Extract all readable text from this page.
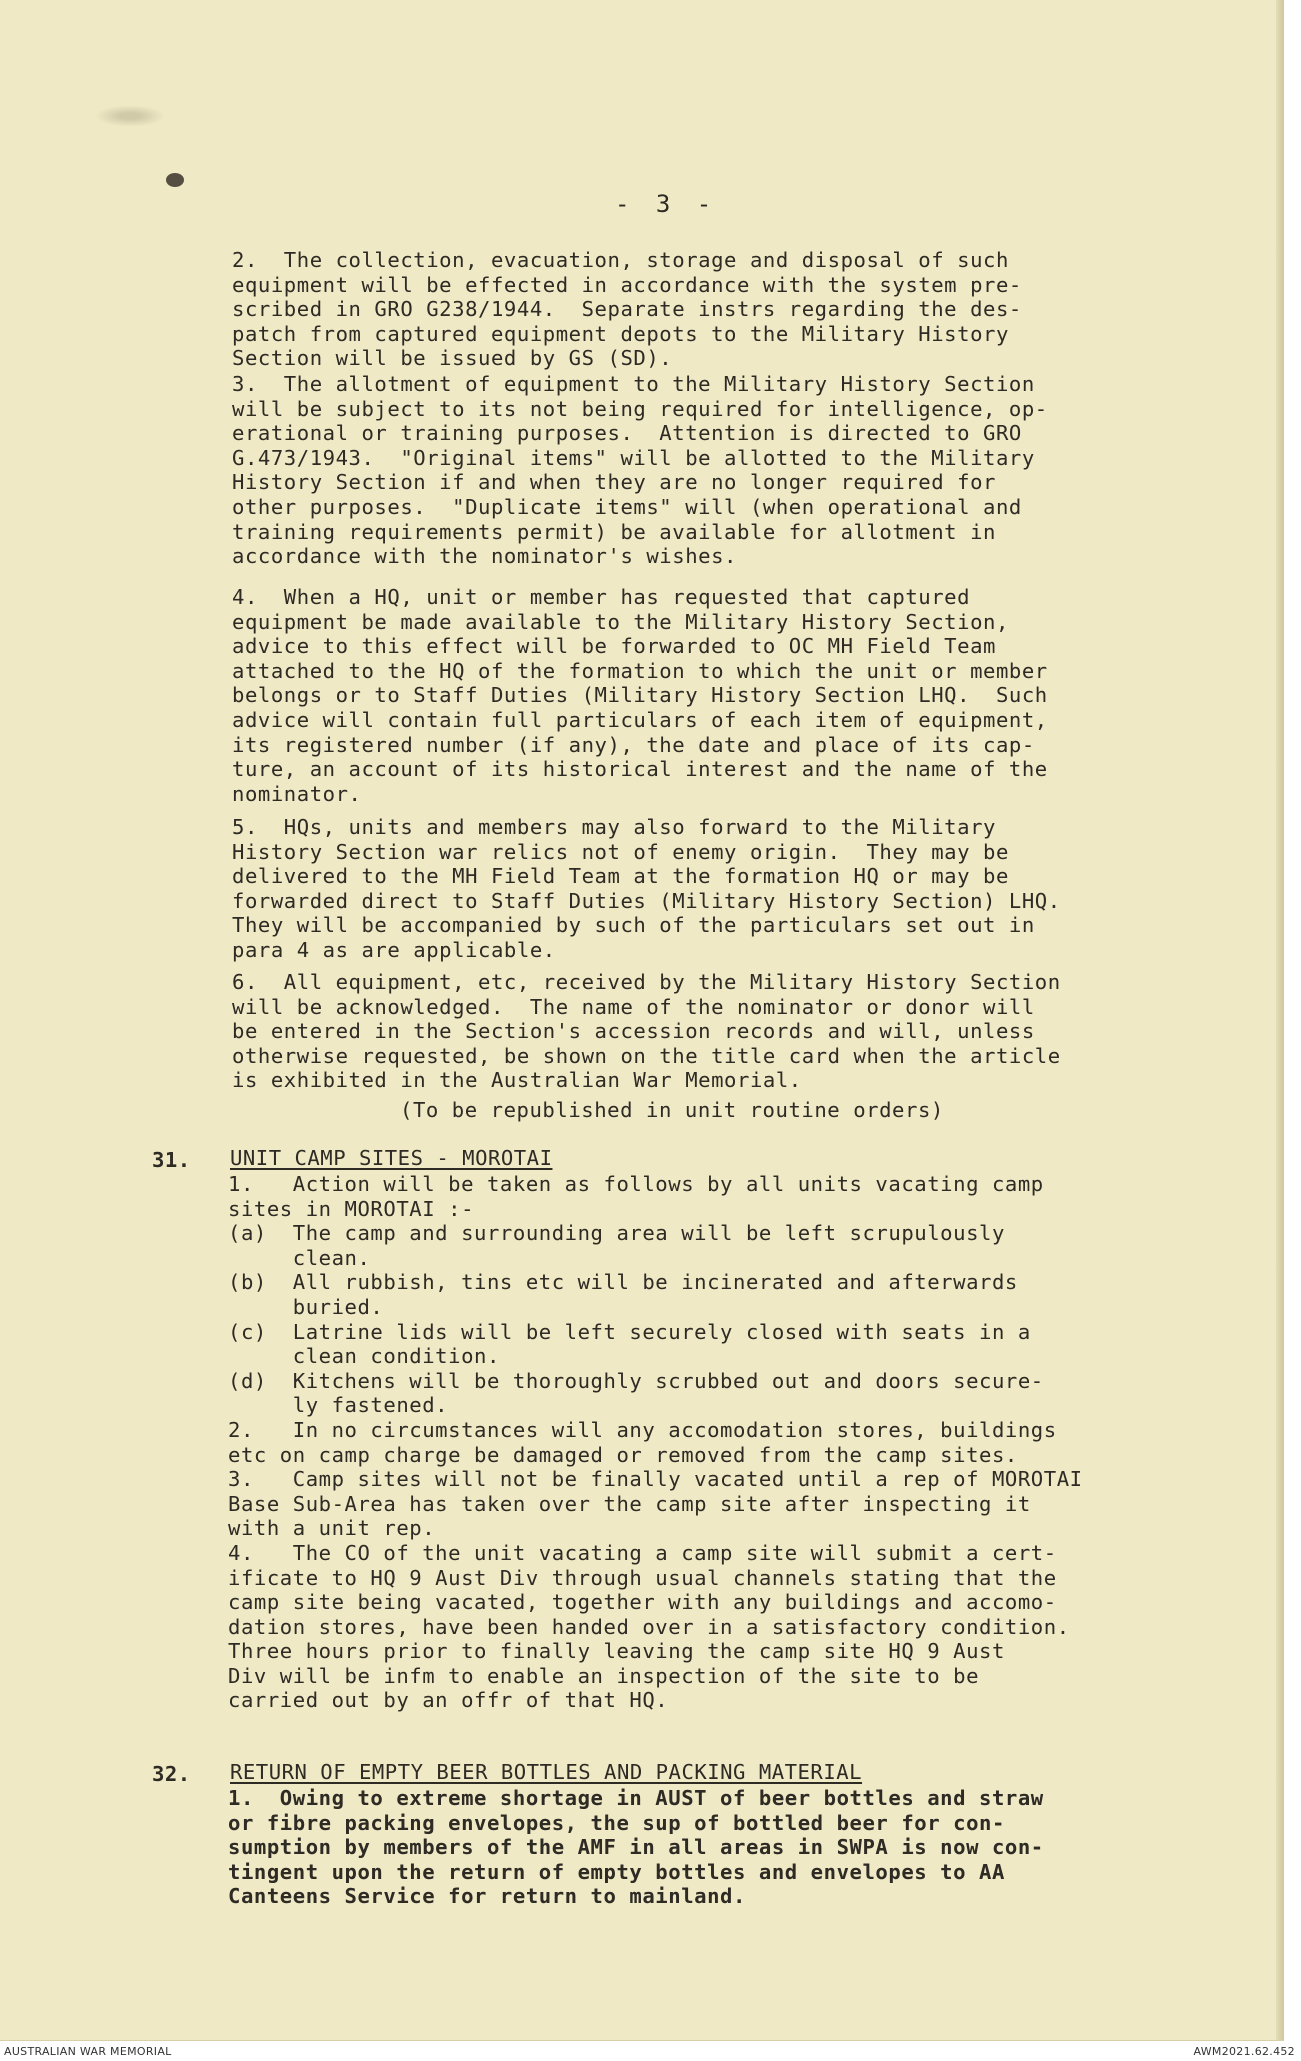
- 3 -
2.  The collection, evacuation, storage and disposal of such
equipment will be effected in accordance with the system pre-
scribed in GRO G238/1944.  Separate instrs regarding the des-
patch from captured equipment depots to the Military History
Section will be issued by GS (SD).
3.  The allotment of equipment to the Military History Section
will be subject to its not being required for intelligence, op-
erational or training purposes.  Attention is directed to GRO
G.473/1943.  "Original items" will be allotted to the Military
History Section if and when they are no longer required for
other purposes.  "Duplicate items" will (when operational and
training requirements permit) be available for allotment in
accordance with the nominator's wishes.
4.  When a HQ, unit or member has requested that captured
equipment be made available to the Military History Section,
advice to this effect will be forwarded to OC MH Field Team
attached to the HQ of the formation to which the unit or member
belongs or to Staff Duties (Military History Section LHQ.  Such
advice will contain full particulars of each item of equipment,
its registered number (if any), the date and place of its cap-
ture, an account of its historical interest and the name of the
nominator.
5.  HQs, units and members may also forward to the Military
History Section war relics not of enemy origin.  They may be
delivered to the MH Field Team at the formation HQ or may be
forwarded direct to Staff Duties (Military History Section) LHQ.
They will be accompanied by such of the particulars set out in
para 4 as are applicable.
6.  All equipment, etc, received by the Military History Section
will be acknowledged.  The name of the nominator or donor will
be entered in the Section's accession records and will, unless
otherwise requested, be shown on the title card when the article
is exhibited in the Australian War Memorial.
(To be republished in unit routine orders)
31. UNIT CAMP SITES - MOROTAI
1.   Action will be taken as follows by all units vacating camp
sites in MOROTAI :-
(a)  The camp and surrounding area will be left scrupulously
clean.
(b)  All rubbish, tins etc will be incinerated and afterwards
buried.
(c)  Latrine lids will be left securely closed with seats in a
clean condition.
(d)  Kitchens will be thoroughly scrubbed out and doors secure-
ly fastened.
2.   In no circumstances will any accomodation stores, buildings
etc on camp charge be damaged or removed from the camp sites.
3.   Camp sites will not be finally vacated until a rep of MOROTAI
Base Sub-Area has taken over the camp site after inspecting it
with a unit rep.
4.   The CO of the unit vacating a camp site will submit a cert-
ificate to HQ 9 Aust Div through usual channels stating that the
camp site being vacated, together with any buildings and accomo-
dation stores, have been handed over in a satisfactory condition.
Three hours prior to finally leaving the camp site HQ 9 Aust
Div will be infm to enable an inspection of the site to be
carried out by an offr of that HQ.
32. RETURN OF EMPTY BEER BOTTLES AND PACKING MATERIAL
1.  Owing to extreme shortage in AUST of beer bottles and straw
or fibre packing envelopes, the sup of bottled beer for con-
sumption by members of the AMF in all areas in SWPA is now con-
tingent upon the return of empty bottles and envelopes to AA
Canteens Service for return to mainland.
AUSTRALIAN WAR MEMORIAL	AWM2021.62.452
